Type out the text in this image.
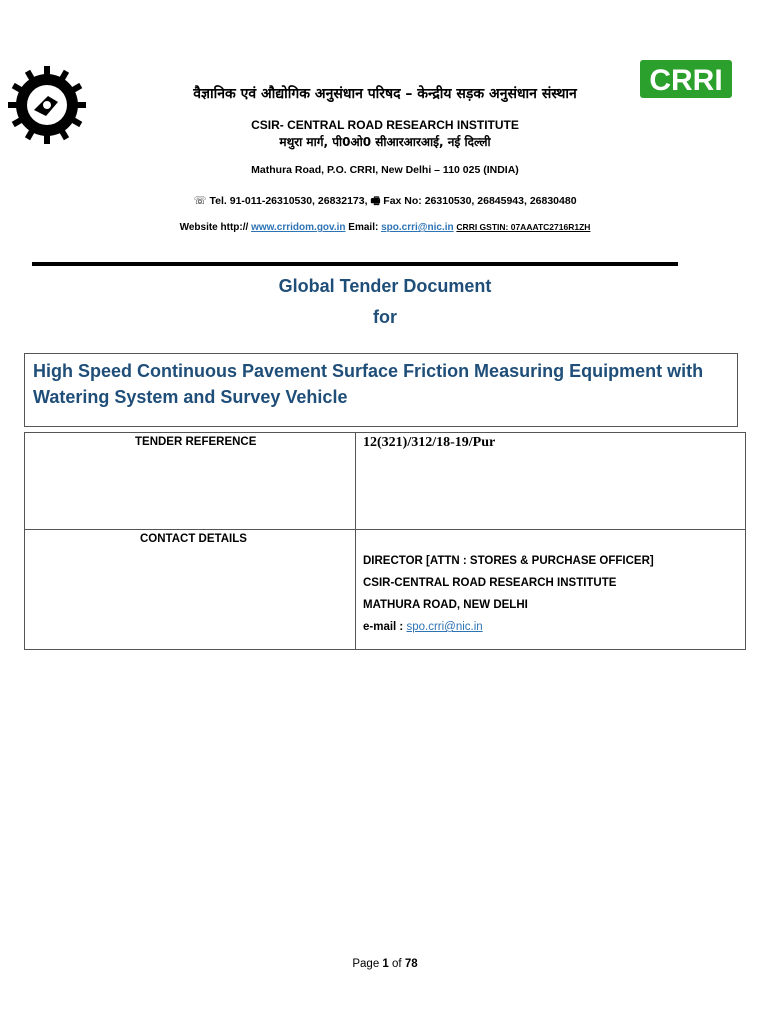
CRRI
वैज्ञानिक एवं औद्योगिक अनुसंधान परिषद – केन्द्रीय सड़क अनुसंधान संस्थान
CSIR- CENTRAL ROAD RESEARCH INSTITUTE
मथुरा मार्ग, पी0ओ0 सीआरआरआई, नई दिल्ली
Mathura Road, P.O. CRRI, New Delhi – 110 025 (INDIA)
☏ Tel. 91-011-26310530, 26832173, 🖷 Fax No: 26310530, 26845943, 26830480
Website http:// www.crridom.gov.in Email: spo.crri@nic.in CRRI GSTIN: 07AAATC2716R1ZH
Global Tender Document
for
High Speed Continuous Pavement Surface Friction Measuring Equipment with Watering System and Survey Vehicle
TENDER REFERENCE	12(321)/312/18-19/Pur
CONTACT DETAILS
DIRECTOR [ATTN : STORES & PURCHASE OFFICER]
CSIR-CENTRAL ROAD RESEARCH INSTITUTE
MATHURA ROAD, NEW DELHI
e-mail : spo.crri@nic.in
Page 1 of 78
